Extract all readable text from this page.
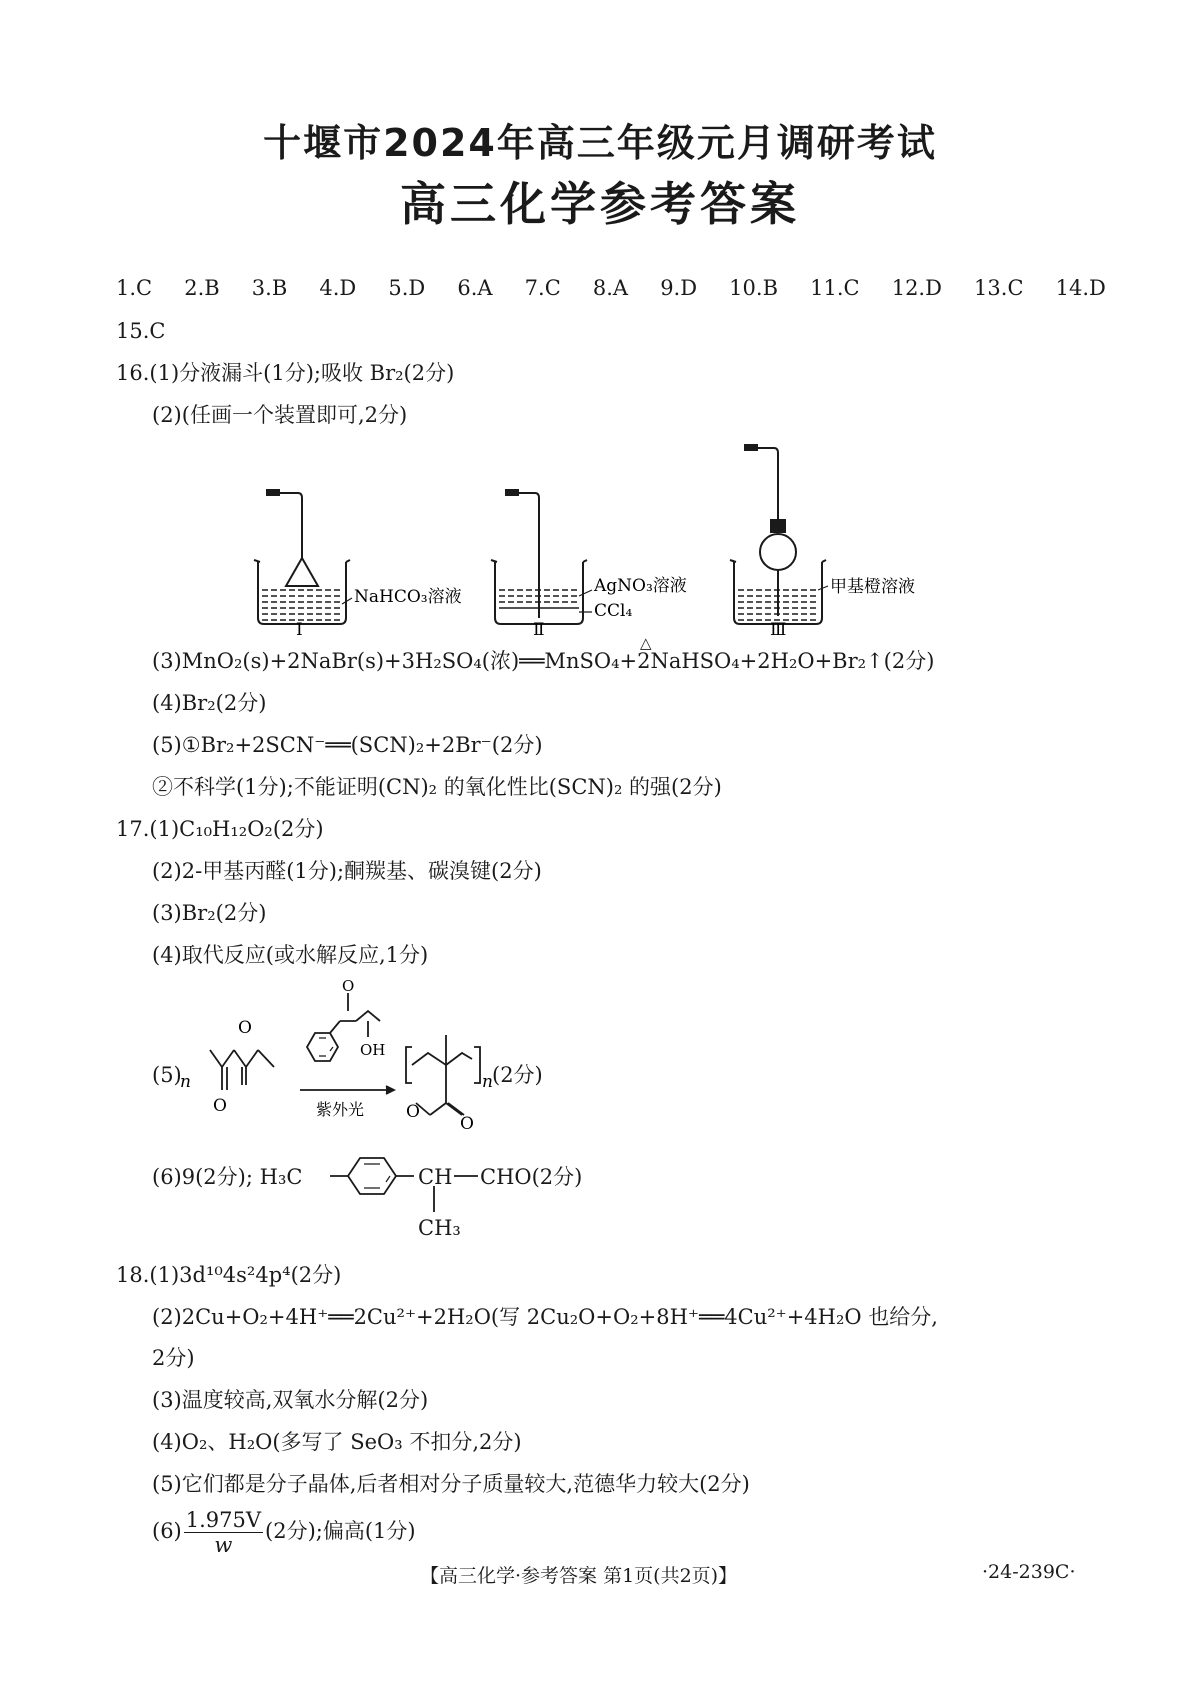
十堰市2024年高三年级元月调研考试
高三化学参考答案
1.C 2.B 3.B 4.D 5.D 6.A 7.C 8.A 9.D 10.B 11.C 12.D 13.C 14.D
15.C
16.(1)分液漏斗(1分);吸收 Br₂(2分)
(2)(任画一个装置即可,2分)
NaHCO₃溶液
Ⅰ
AgNO₃溶液
CCl₄
Ⅱ
甲基橙溶液
Ⅲ
(3)MnO₂(s)+2NaBr(s)+3H₂SO₄(浓)══MnSO₄+2NaHSO₄+2H₂O+Br₂↑(2分)
△
(4)Br₂(2分)
(5)①Br₂+2SCN⁻══(SCN)₂+2Br⁻(2分)
②不科学(1分);不能证明(CN)₂ 的氧化性比(SCN)₂ 的强(2分)
17.(1)C₁₀H₁₂O₂(2分)
(2)2-甲基丙醛(1分);酮羰基、碳溴键(2分)
(3)Br₂(2分)
(4)取代反应(或水解反应,1分)
(5)
O
O
n
O
OH
紫外光
n
O
O
(2分)
(6)9(2分); H₃C	CH CHO(2分)
CH₃
18.(1)3d¹⁰4s²4p⁴(2分)
(2)2Cu+O₂+4H⁺══2Cu²⁺+2H₂O(写 2Cu₂O+O₂+8H⁺══4Cu²⁺+4H₂O 也给分,
2分)
(3)温度较高,双氧水分解(2分)
(4)O₂、H₂O(多写了 SeO₃ 不扣分,2分)
(5)它们都是分子晶体,后者相对分子质量较大,范德华力较大(2分)
$(6) \frac{1.975V}{w} (2$分);偏高(1分)
【高三化学·参考答案 第1页(共2页)】	·24-239C·
